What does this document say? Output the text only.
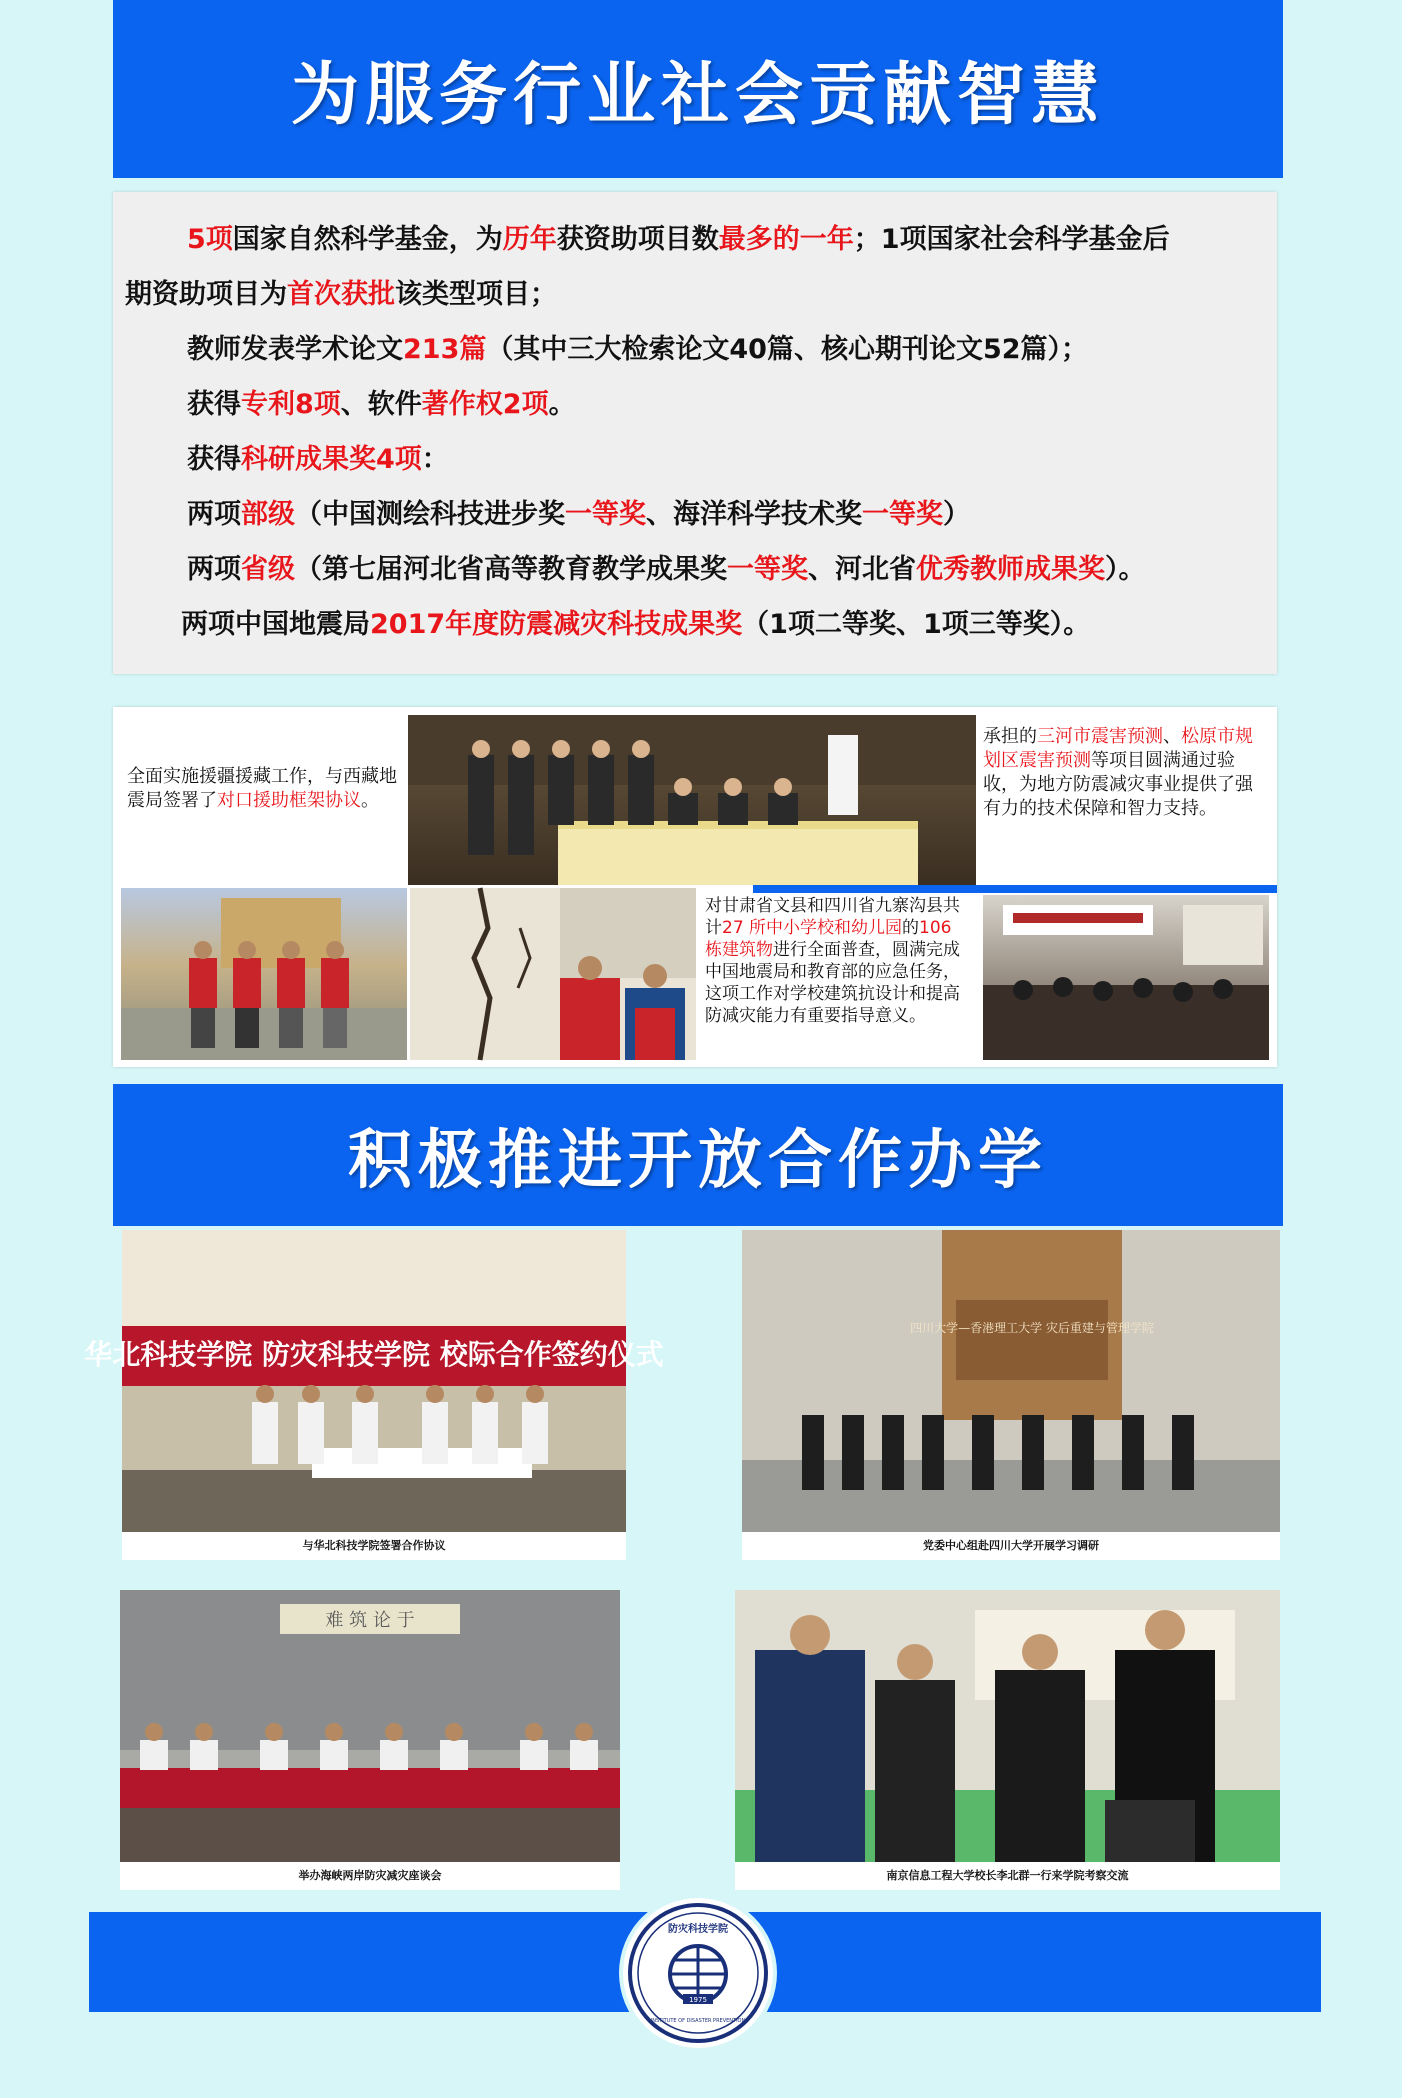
为服务行业社会贡献智慧
5项国家自然科学基金，为历年获资助项目数最多的一年；1项国家社会科学基金后
期资助项目为首次获批该类型项目；
教师发表学术论文213篇（其中三大检索论文40篇、核心期刊论文52篇）；
获得专利8项、软件著作权2项。
获得科研成果奖4项：
两项部级（中国测绘科技进步奖一等奖、海洋科学技术奖一等奖）
两项省级（第七届河北省高等教育教学成果奖一等奖、河北省优秀教师成果奖）。
两项中国地震局2017年度防震减灾科技成果奖（1项二等奖、1项三等奖）。
全面实施援疆援藏工作，与西藏地震局签署了对口援助框架协议。
承担的三河市震害预测、松原市规划区震害预测等项目圆满通过验收，为地方防震减灾事业提供了强有力的技术保障和智力支持。
对甘肃省文县和四川省九寨沟县共计27 所中小学校和幼儿园的106 栋建筑物进行全面普查，圆满完成中国地震局和教育部的应急任务，这项工作对学校建筑抗设计和提高防减灾能力有重要指导意义。
积极推进开放合作办学
华北科技学院 防灾科技学院 校际合作签约仪式
与华北科技学院签署合作协议
四川大学—香港理工大学 灾后重建与管理学院
党委中心组赴四川大学开展学习调研
难 筑 论 于
举办海峡两岸防灾减灾座谈会	南京信息工程大学校长李北群一行来学院考察交流
防灾科技学院
1975
INSTITUTE OF DISASTER PREVENTION
